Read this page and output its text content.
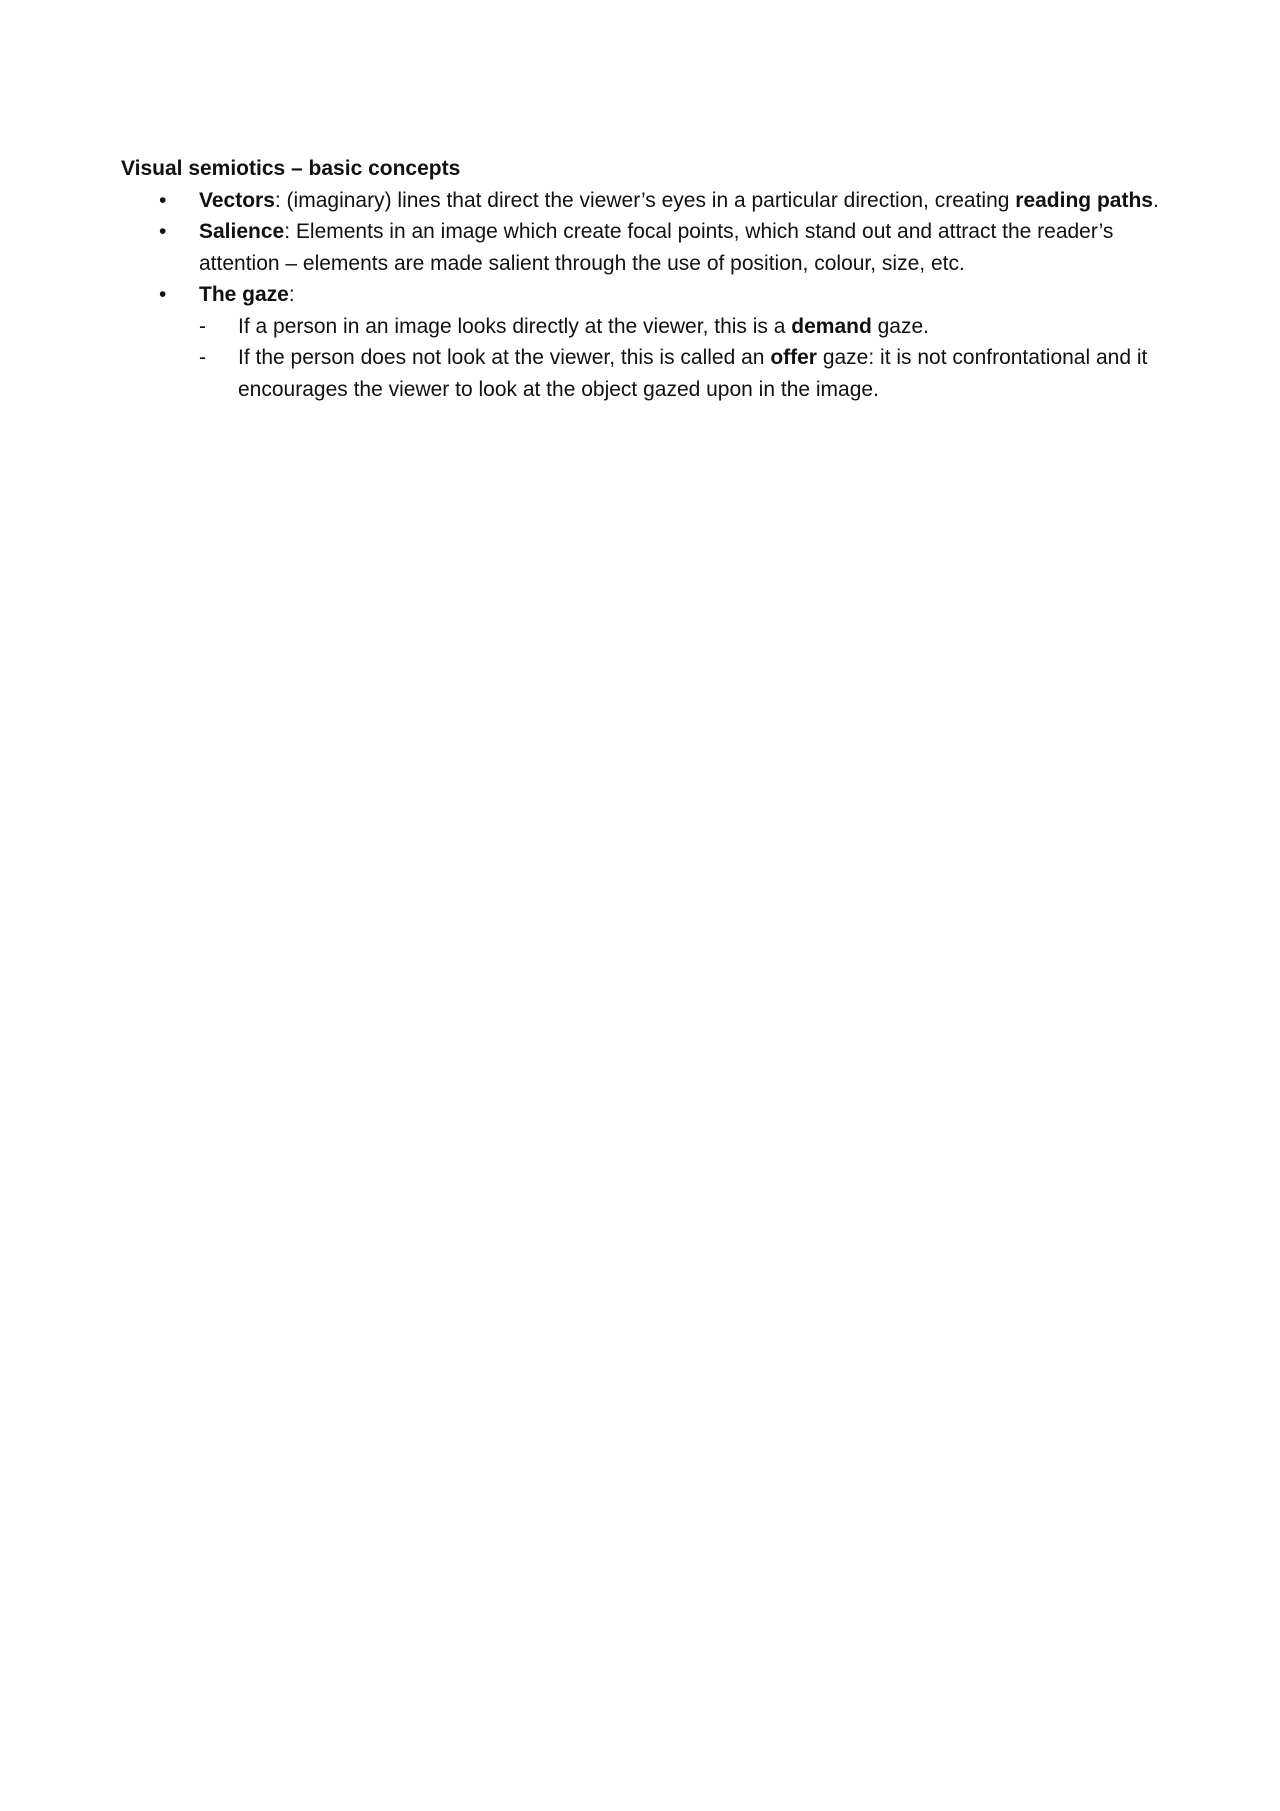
Visual semiotics – basic concepts

• Vectors: (imaginary) lines that direct the viewer’s eyes in a particular direction, creating reading paths.
• Salience: Elements in an image which create focal points, which stand out and attract the reader’s attention – elements are made salient through the use of position, colour, size, etc.
• The gaze:
- If a person in an image looks directly at the viewer, this is a demand gaze.
- If the person does not look at the viewer, this is called an offer gaze: it is not confrontational and it encourages the viewer to look at the object gazed upon in the image.
